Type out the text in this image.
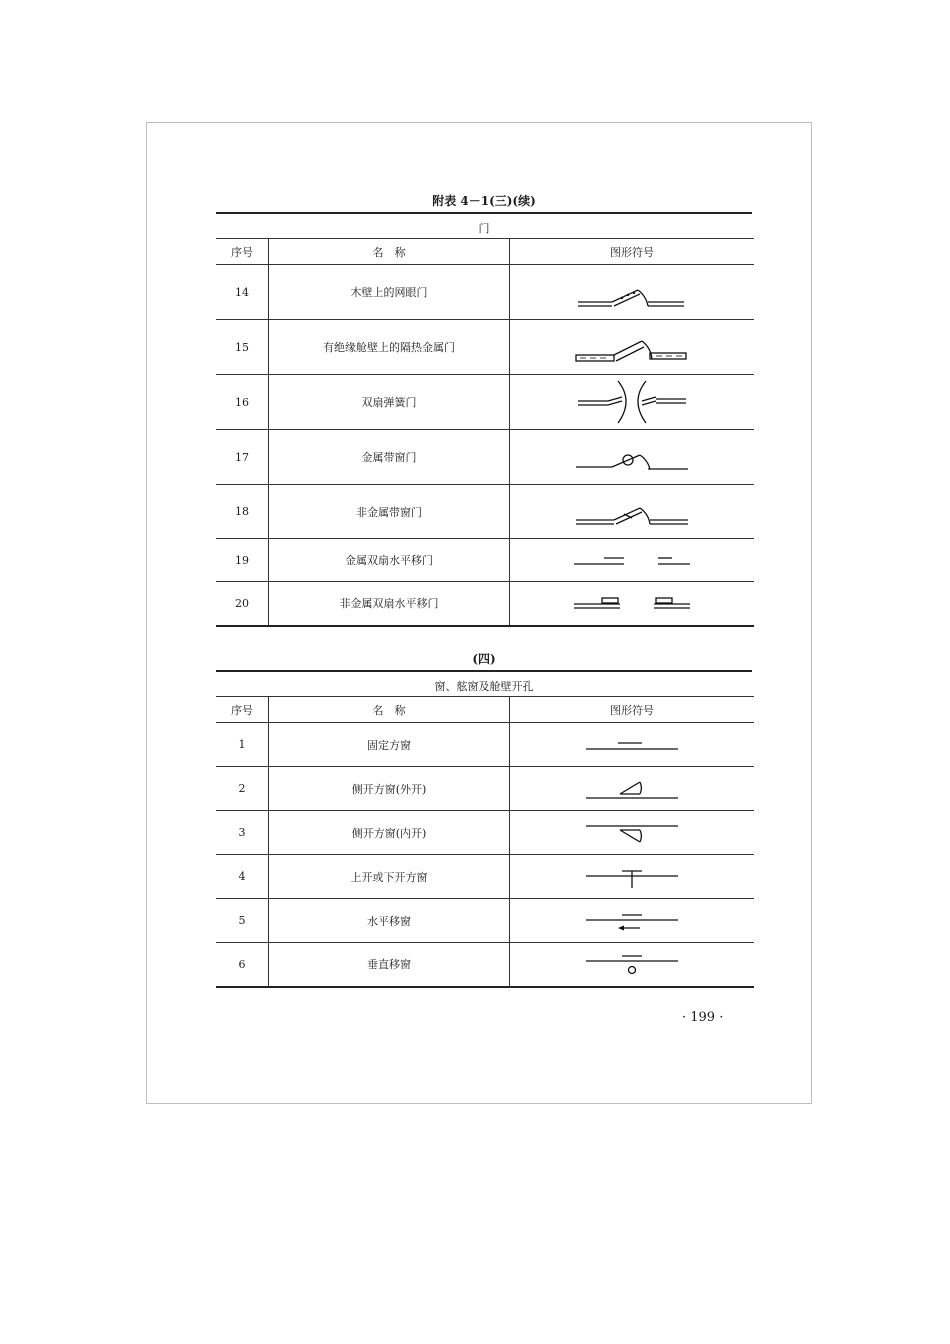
附表 4－1(三)(续)
门
序号	名　称	图形符号
14	木壁上的网眼门	

15	有绝缘舱壁上的隔热金属门	

16	双扇弹簧门	

17	金属带窗门	

18	非金属带窗门	

19	金属双扇水平移门	

20	非金属双扇水平移门	
(四)
窗、舷窗及舱壁开孔
序号	名　称	图形符号
1	固定方窗	

2	侧开方窗(外开)	

3	侧开方窗(内开)	

4	上开或下开方窗	

5	水平移窗	

6	垂直移窗	
· 199 ·
